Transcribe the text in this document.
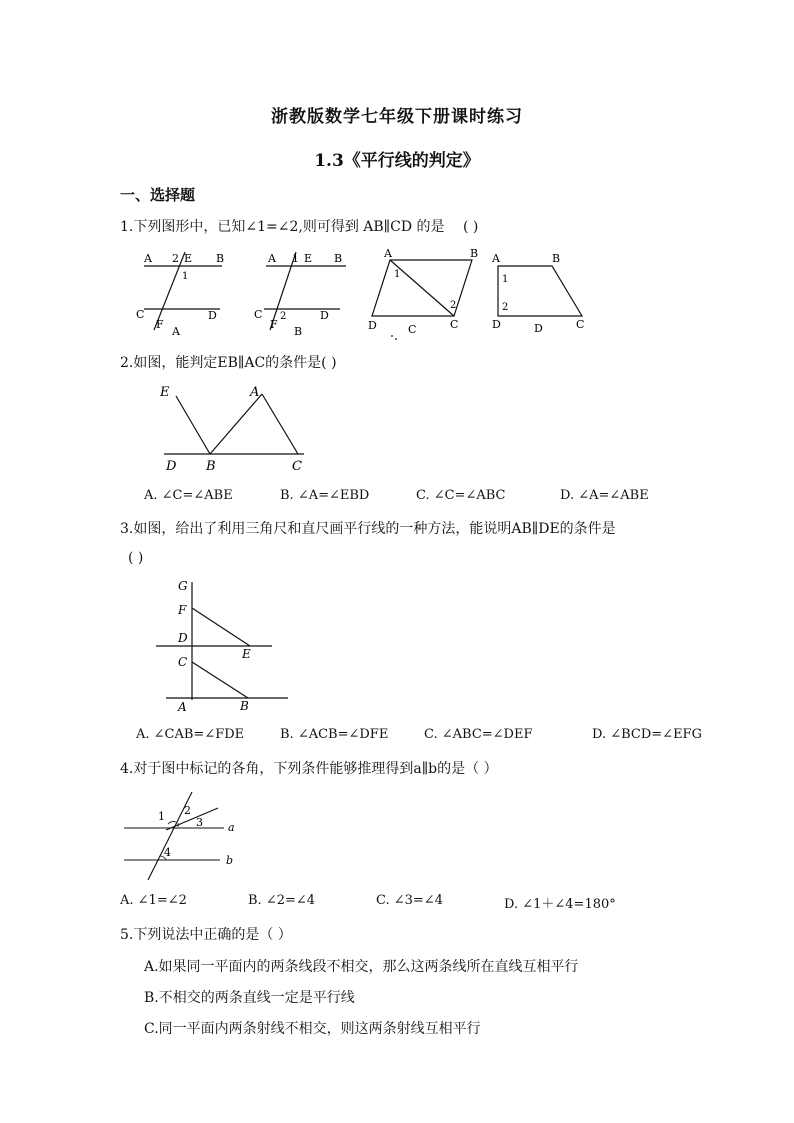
浙教版数学七年级下册课时练习
1.3《平行线的判定》
一、选择题
1.下列图形中，已知∠1=∠2,则可得到 AB∥CD 的是 ( )
A 2 E B
1
C
F
D
A
A 1 E B
C
F
2	D
B
A	B
1
2
D	C
C
A	B
1
2
D	D	C
2.如图，能判定EB∥AC的条件是( )
E	A
D B	C
A. ∠C=∠ABE	B. ∠A=∠EBD	C. ∠C=∠ABC	D. ∠A=∠ABE
3.如图，给出了利用三角尺和直尺画平行线的一种方法，能说明AB∥DE的条件是
( )
G
F
D
E
C
A	B
A. ∠CAB=∠FDE	B. ∠ACB=∠DFE	C. ∠ABC=∠DEF	D. ∠BCD=∠EFG
4.对于图中标记的各角，下列条件能够推理得到a∥b的是（ ）
1 2
3
4
a
b
A. ∠1=∠2	B. ∠2=∠4	C. ∠3=∠4	D. ∠1＋∠4=180°
5.下列说法中正确的是（ ）
A.如果同一平面内的两条线段不相交，那么这两条线所在直线互相平行
B.不相交的两条直线一定是平行线
C.同一平面内两条射线不相交，则这两条射线互相平行
